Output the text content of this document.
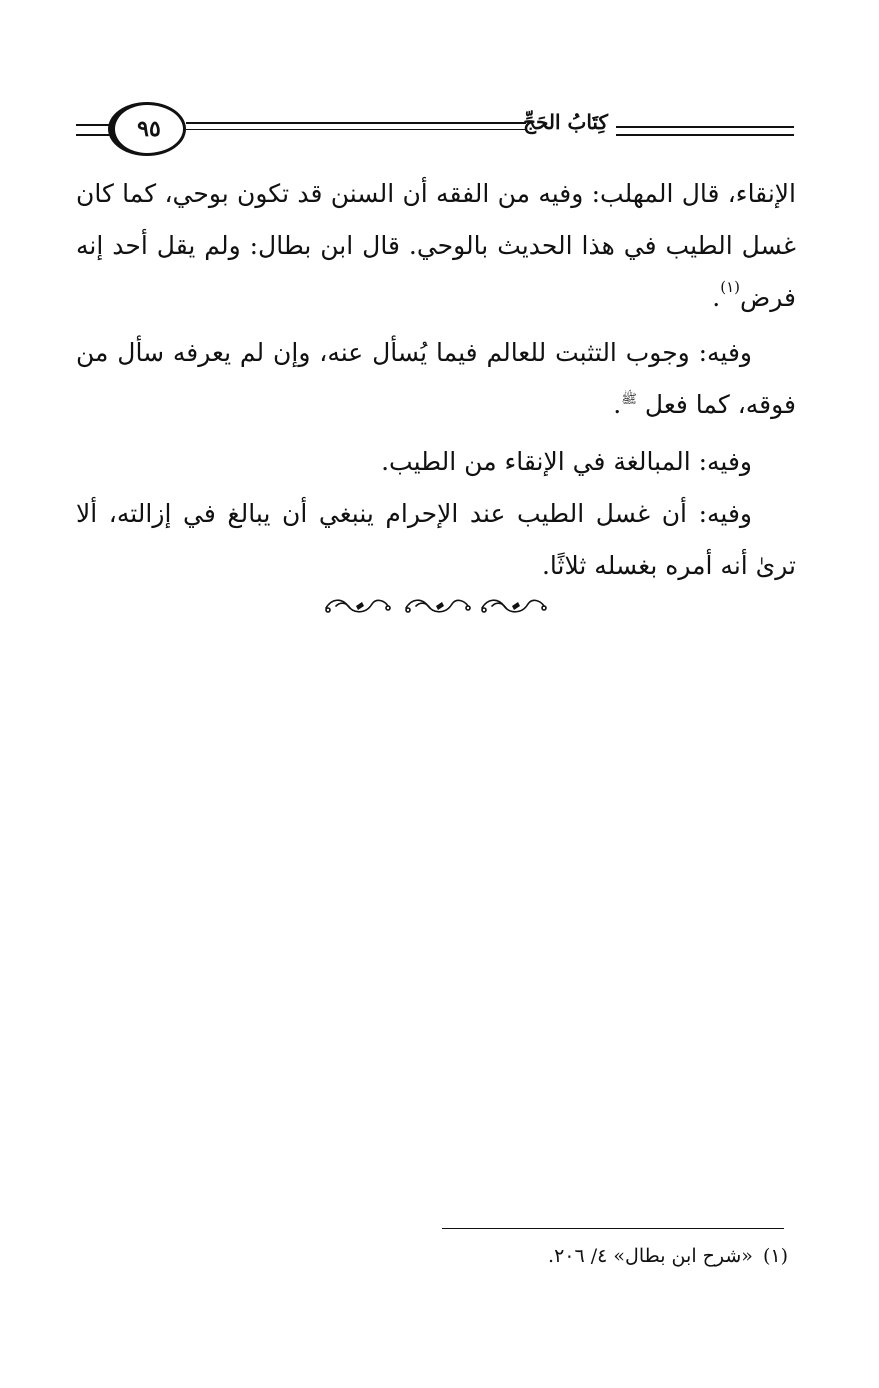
كِتَابُ الحَجِّ
٩٥

الإنقاء، قال المهلب: وفيه من الفقه أن السنن قد تكون بوحي، كما كان غسل الطيب في هذا الحديث بالوحي. قال ابن بطال: ولم يقل أحد إنه فرض$^{(١)}$.

وفيه: وجوب التثبت للعالم فيما يُسأل عنه، وإن لم يعرفه سأل من فوقه، كما فعل $^ﷺ$.

وفيه: المبالغة في الإنقاء من الطيب.

وفيه: أن غسل الطيب عند الإحرام ينبغي أن يبالغ في إزالته، ألا ترىٰ أنه أمره بغسله ثلاثًا.

(١)«شرح ابن بطال» ٤/ ٢٠٦.
